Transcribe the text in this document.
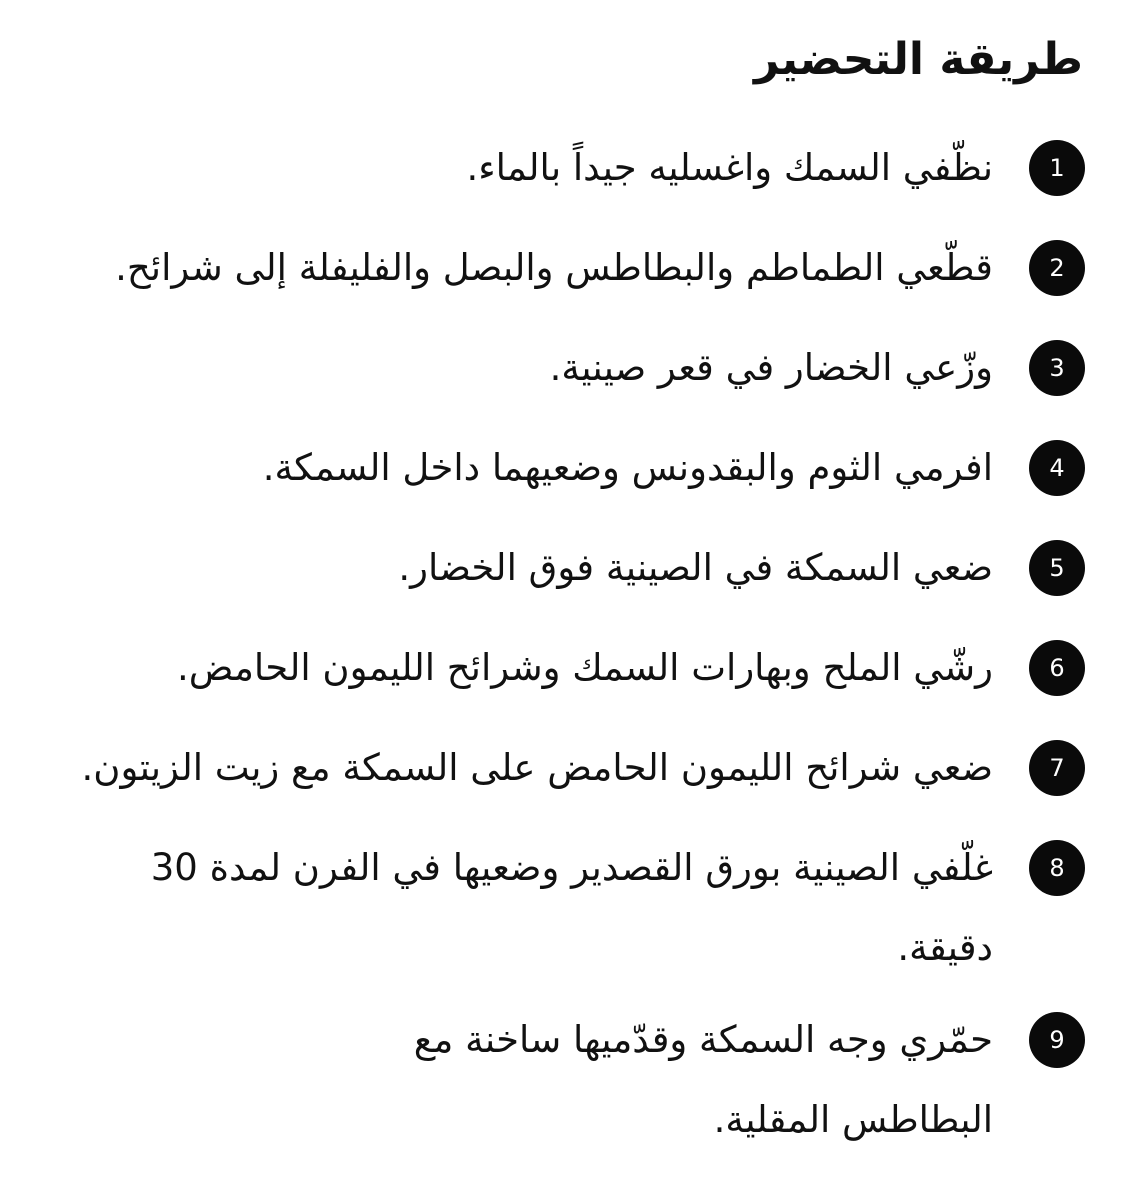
طريقة التحضير
1
نظّفي السمك واغسليه جيداً بالماء.
2
قطّعي الطماطم والبطاطس والبصل والفليفلة إلى شرائح.
3
وزّعي الخضار في قعر صينية.
4
افرمي الثوم والبقدونس وضعيهما داخل السمكة.
5
ضعي السمكة في الصينية فوق الخضار.
6
رشّي الملح وبهارات السمك وشرائح الليمون الحامض.
7
ضعي شرائح الليمون الحامض على السمكة مع زيت الزيتون.
8
غلّفي الصينية بورق القصدير وضعيها في الفرن لمدة 30 دقيقة.
9
حمّري وجه السمكة وقدّميها ساخنة مع البطاطس المقلية.
